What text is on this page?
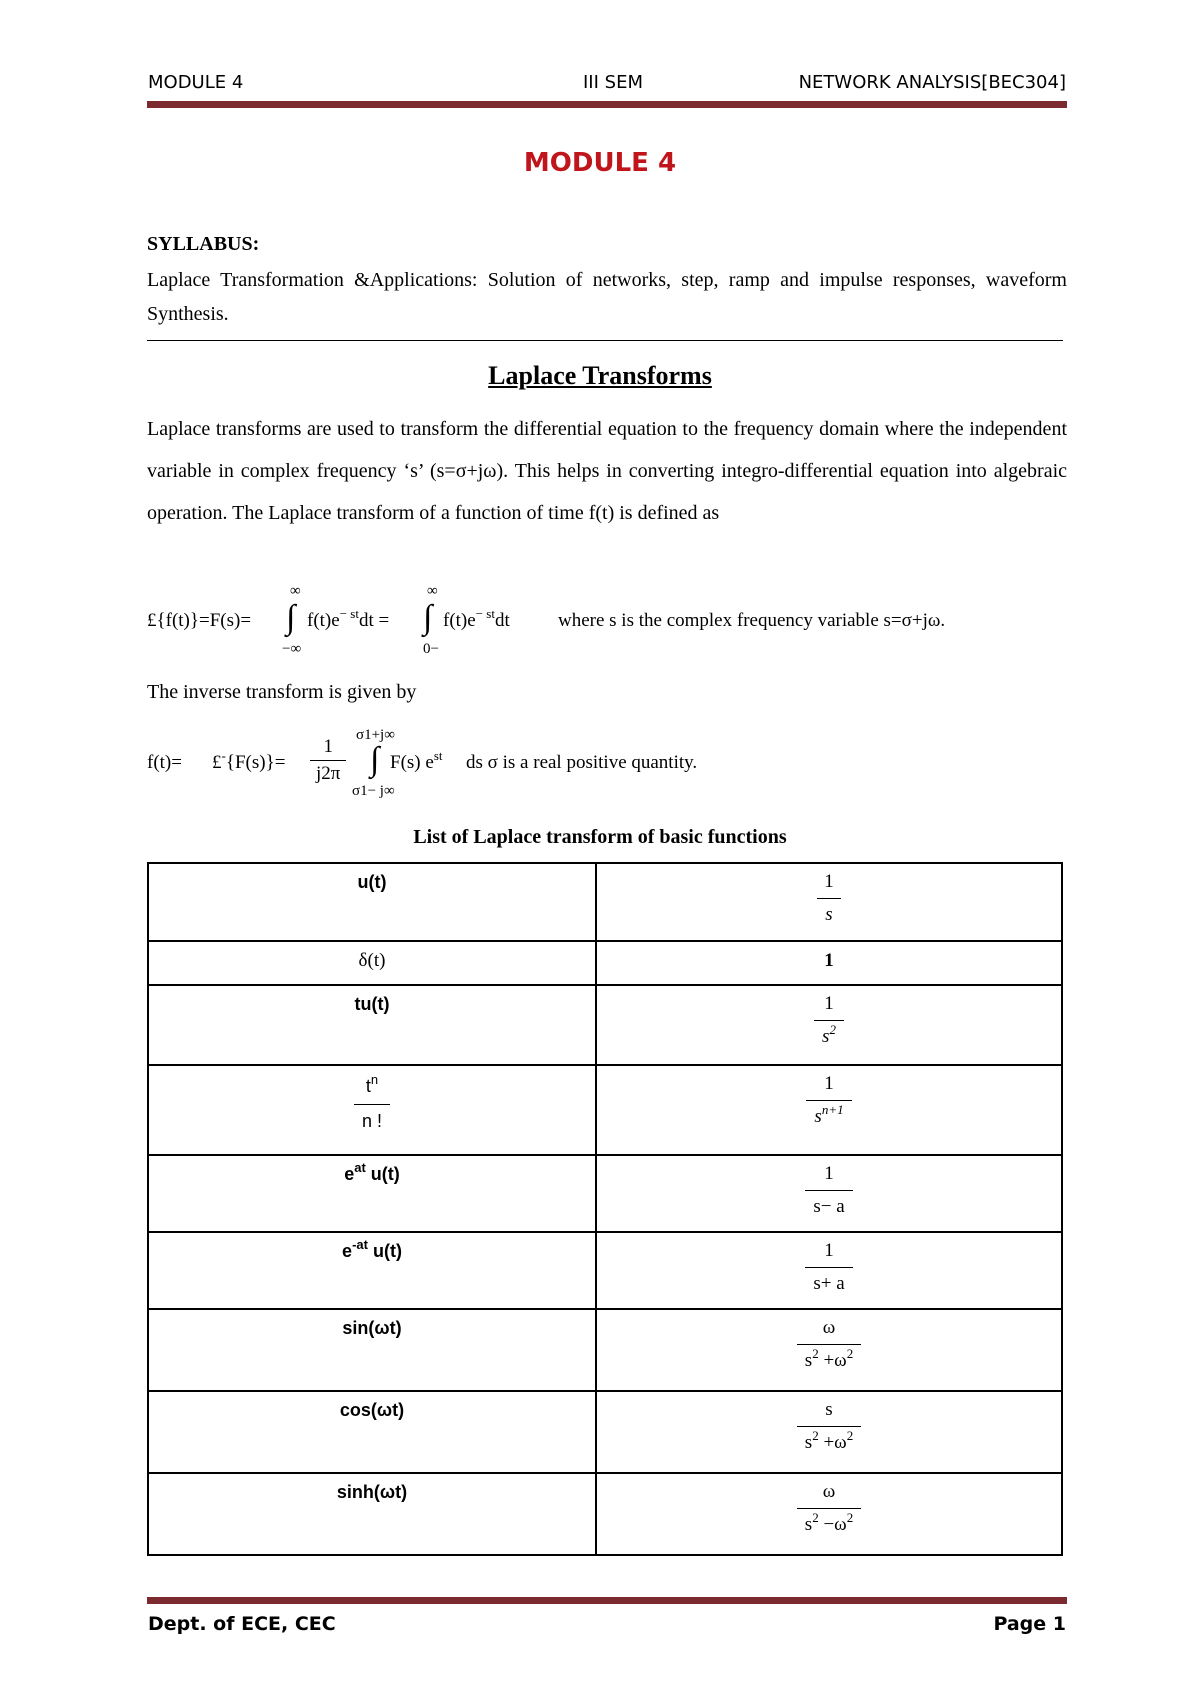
MODULE 4	III SEM	NETWORK ANALYSIS[BEC304]
MODULE 4
SYLLABUS:
Laplace Transformation &Applications: Solution of networks, step, ramp and impulse responses, waveform Synthesis.
Laplace Transforms
Laplace transforms are used to transform the differential equation to the frequency domain where the independent variable in complex frequency ‘s’ (s=σ+jω). This helps in converting integro-differential equation into algebraic operation. The Laplace transform of a function of time f(t) is defined as
£{f(t)}=F(s)=
∞
∫
−∞
$f(t)e^{- st}dt$ =
∞
∫
0−
$f(t)e^{- st}dt$	where s is the complex frequency variable s=σ+jω.
The inverse transform is given by
f(t)= £-{F(s)}=
1
j2π
σ1+j∞
∫
σ1− j∞
F(s) $e^{st}$ ds σ is a real positive quantity.
List of Laplace transform of basic functions
u(t)	$\frac{1}{s}$

δ(t)	1
tu(t)	$\frac{1}{s^2}$

$\frac{t^n}{n !}$	$\frac{1}{s^{n+1}}$

$e^{at}$ u(t)	$\frac{1}{s- a}$

$e^{-at}$ u(t)	$\frac{1}{s+ a}$

sin(ωt)	$\frac{\omega}{s^2 +\omega^2}$

cos(ωt)	$\frac{s}{s^2 +\omega^2}$

sinh(ωt)	$\frac{\omega}{s^2 -\omega^2}$
Dept. of ECE, CEC	Page 1
